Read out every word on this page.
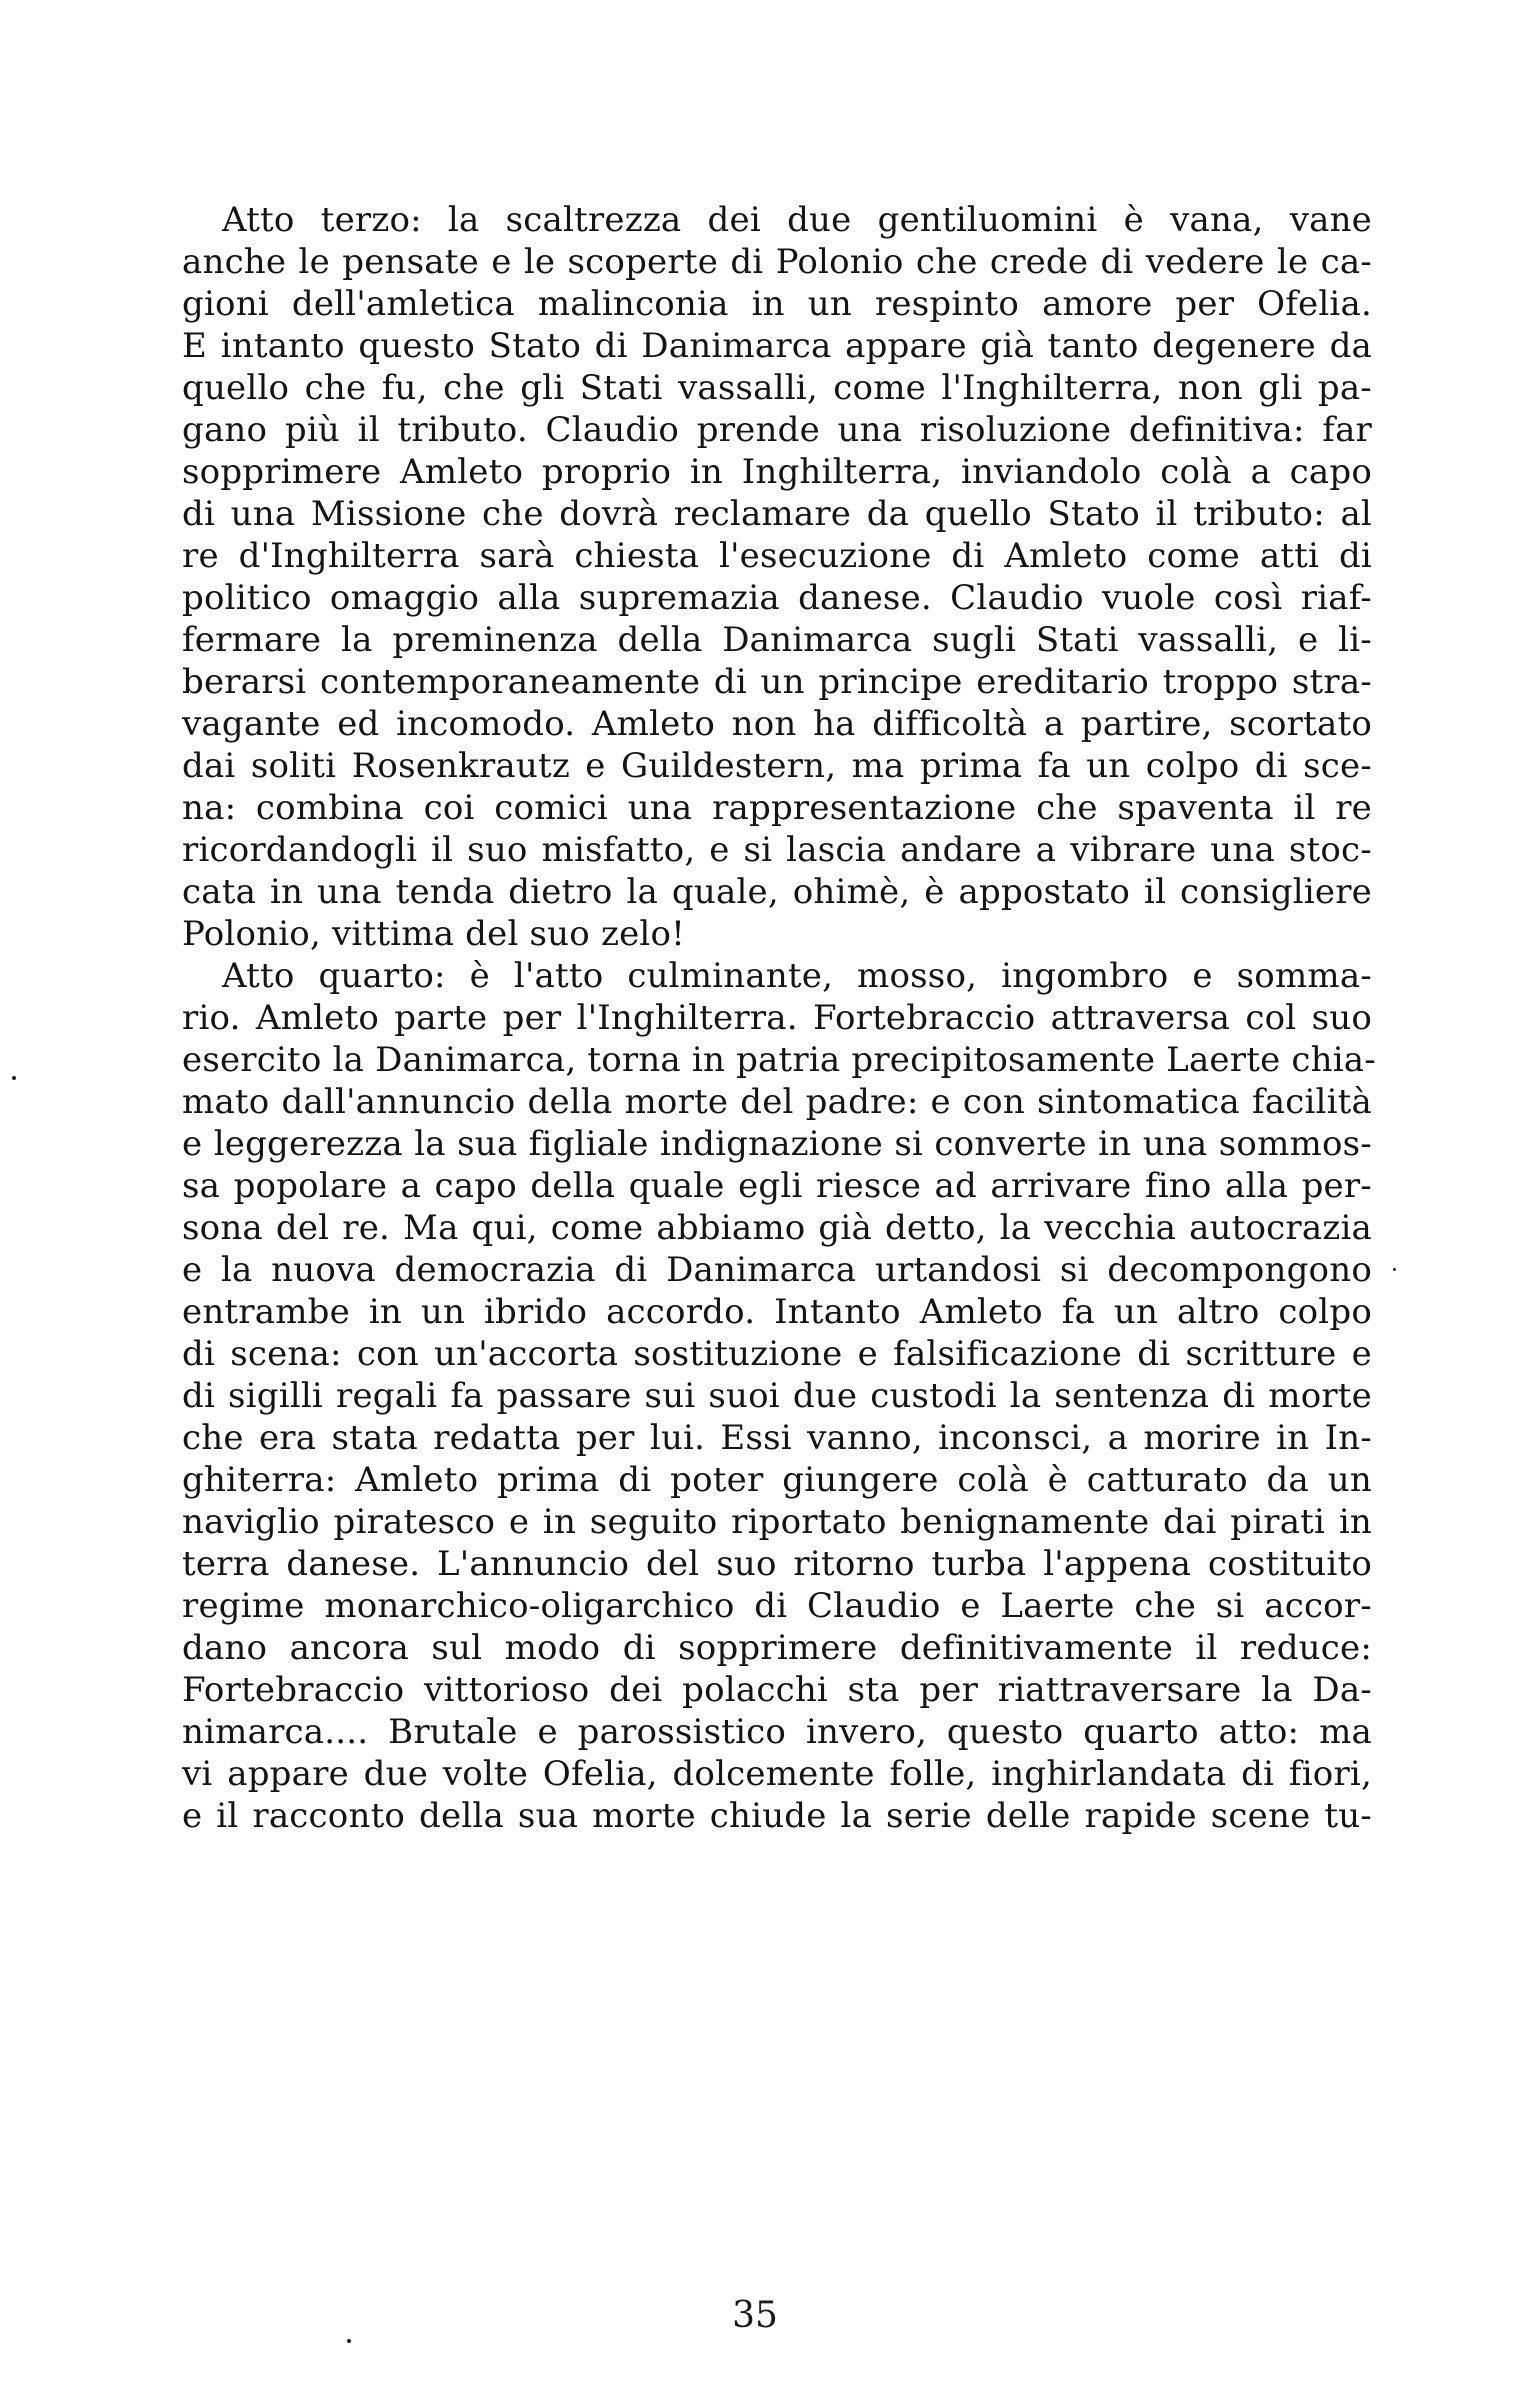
Atto terzo: la scaltrezza dei due gentiluomini è vana, vane
anche le pensate e le scoperte di Polonio che crede di vedere le ca-
gioni dell'amletica malinconia in un respinto amore per Ofelia.
E intanto questo Stato di Danimarca appare già tanto degenere da
quello che fu, che gli Stati vassalli, come l'Inghilterra, non gli pa-
gano più il tributo. Claudio prende una risoluzione definitiva: far
sopprimere Amleto proprio in Inghilterra, inviandolo colà a capo
di una Missione che dovrà reclamare da quello Stato il tributo: al
re d'Inghilterra sarà chiesta l'esecuzione di Amleto come atti di
politico omaggio alla supremazia danese. Claudio vuole così riaf-
fermare la preminenza della Danimarca sugli Stati vassalli, e li-
berarsi contemporaneamente di un principe ereditario troppo stra-
vagante ed incomodo. Amleto non ha difficoltà a partire, scortato
dai soliti Rosenkrautz e Guildestern, ma prima fa un colpo di sce-
na: combina coi comici una rappresentazione che spaventa il re
ricordandogli il suo misfatto, e si lascia andare a vibrare una stoc-
cata in una tenda dietro la quale, ohimè, è appostato il consigliere
Polonio, vittima del suo zelo!
Atto quarto: è l'atto culminante, mosso, ingombro e somma-
rio. Amleto parte per l'Inghilterra. Fortebraccio attraversa col suo
esercito la Danimarca, torna in patria precipitosamente Laerte chia-
mato dall'annuncio della morte del padre: e con sintomatica facilità
e leggerezza la sua figliale indignazione si converte in una sommos-
sa popolare a capo della quale egli riesce ad arrivare fino alla per-
sona del re. Ma qui, come abbiamo già detto, la vecchia autocrazia
e la nuova democrazia di Danimarca urtandosi si decompongono
entrambe in un ibrido accordo. Intanto Amleto fa un altro colpo
di scena: con un'accorta sostituzione e falsificazione di scritture e
di sigilli regali fa passare sui suoi due custodi la sentenza di morte
che era stata redatta per lui. Essi vanno, inconsci, a morire in In-
ghiterra: Amleto prima di poter giungere colà è catturato da un
naviglio piratesco e in seguito riportato benignamente dai pirati in
terra danese. L'annuncio del suo ritorno turba l'appena costituito
regime monarchico-oligarchico di Claudio e Laerte che si accor-
dano ancora sul modo di sopprimere definitivamente il reduce:
Fortebraccio vittorioso dei polacchi sta per riattraversare la Da-
nimarca.... Brutale e parossistico invero, questo quarto atto: ma
vi appare due volte Ofelia, dolcemente folle, inghirlandata di fiori,
e il racconto della sua morte chiude la serie delle rapide scene tu-
35
